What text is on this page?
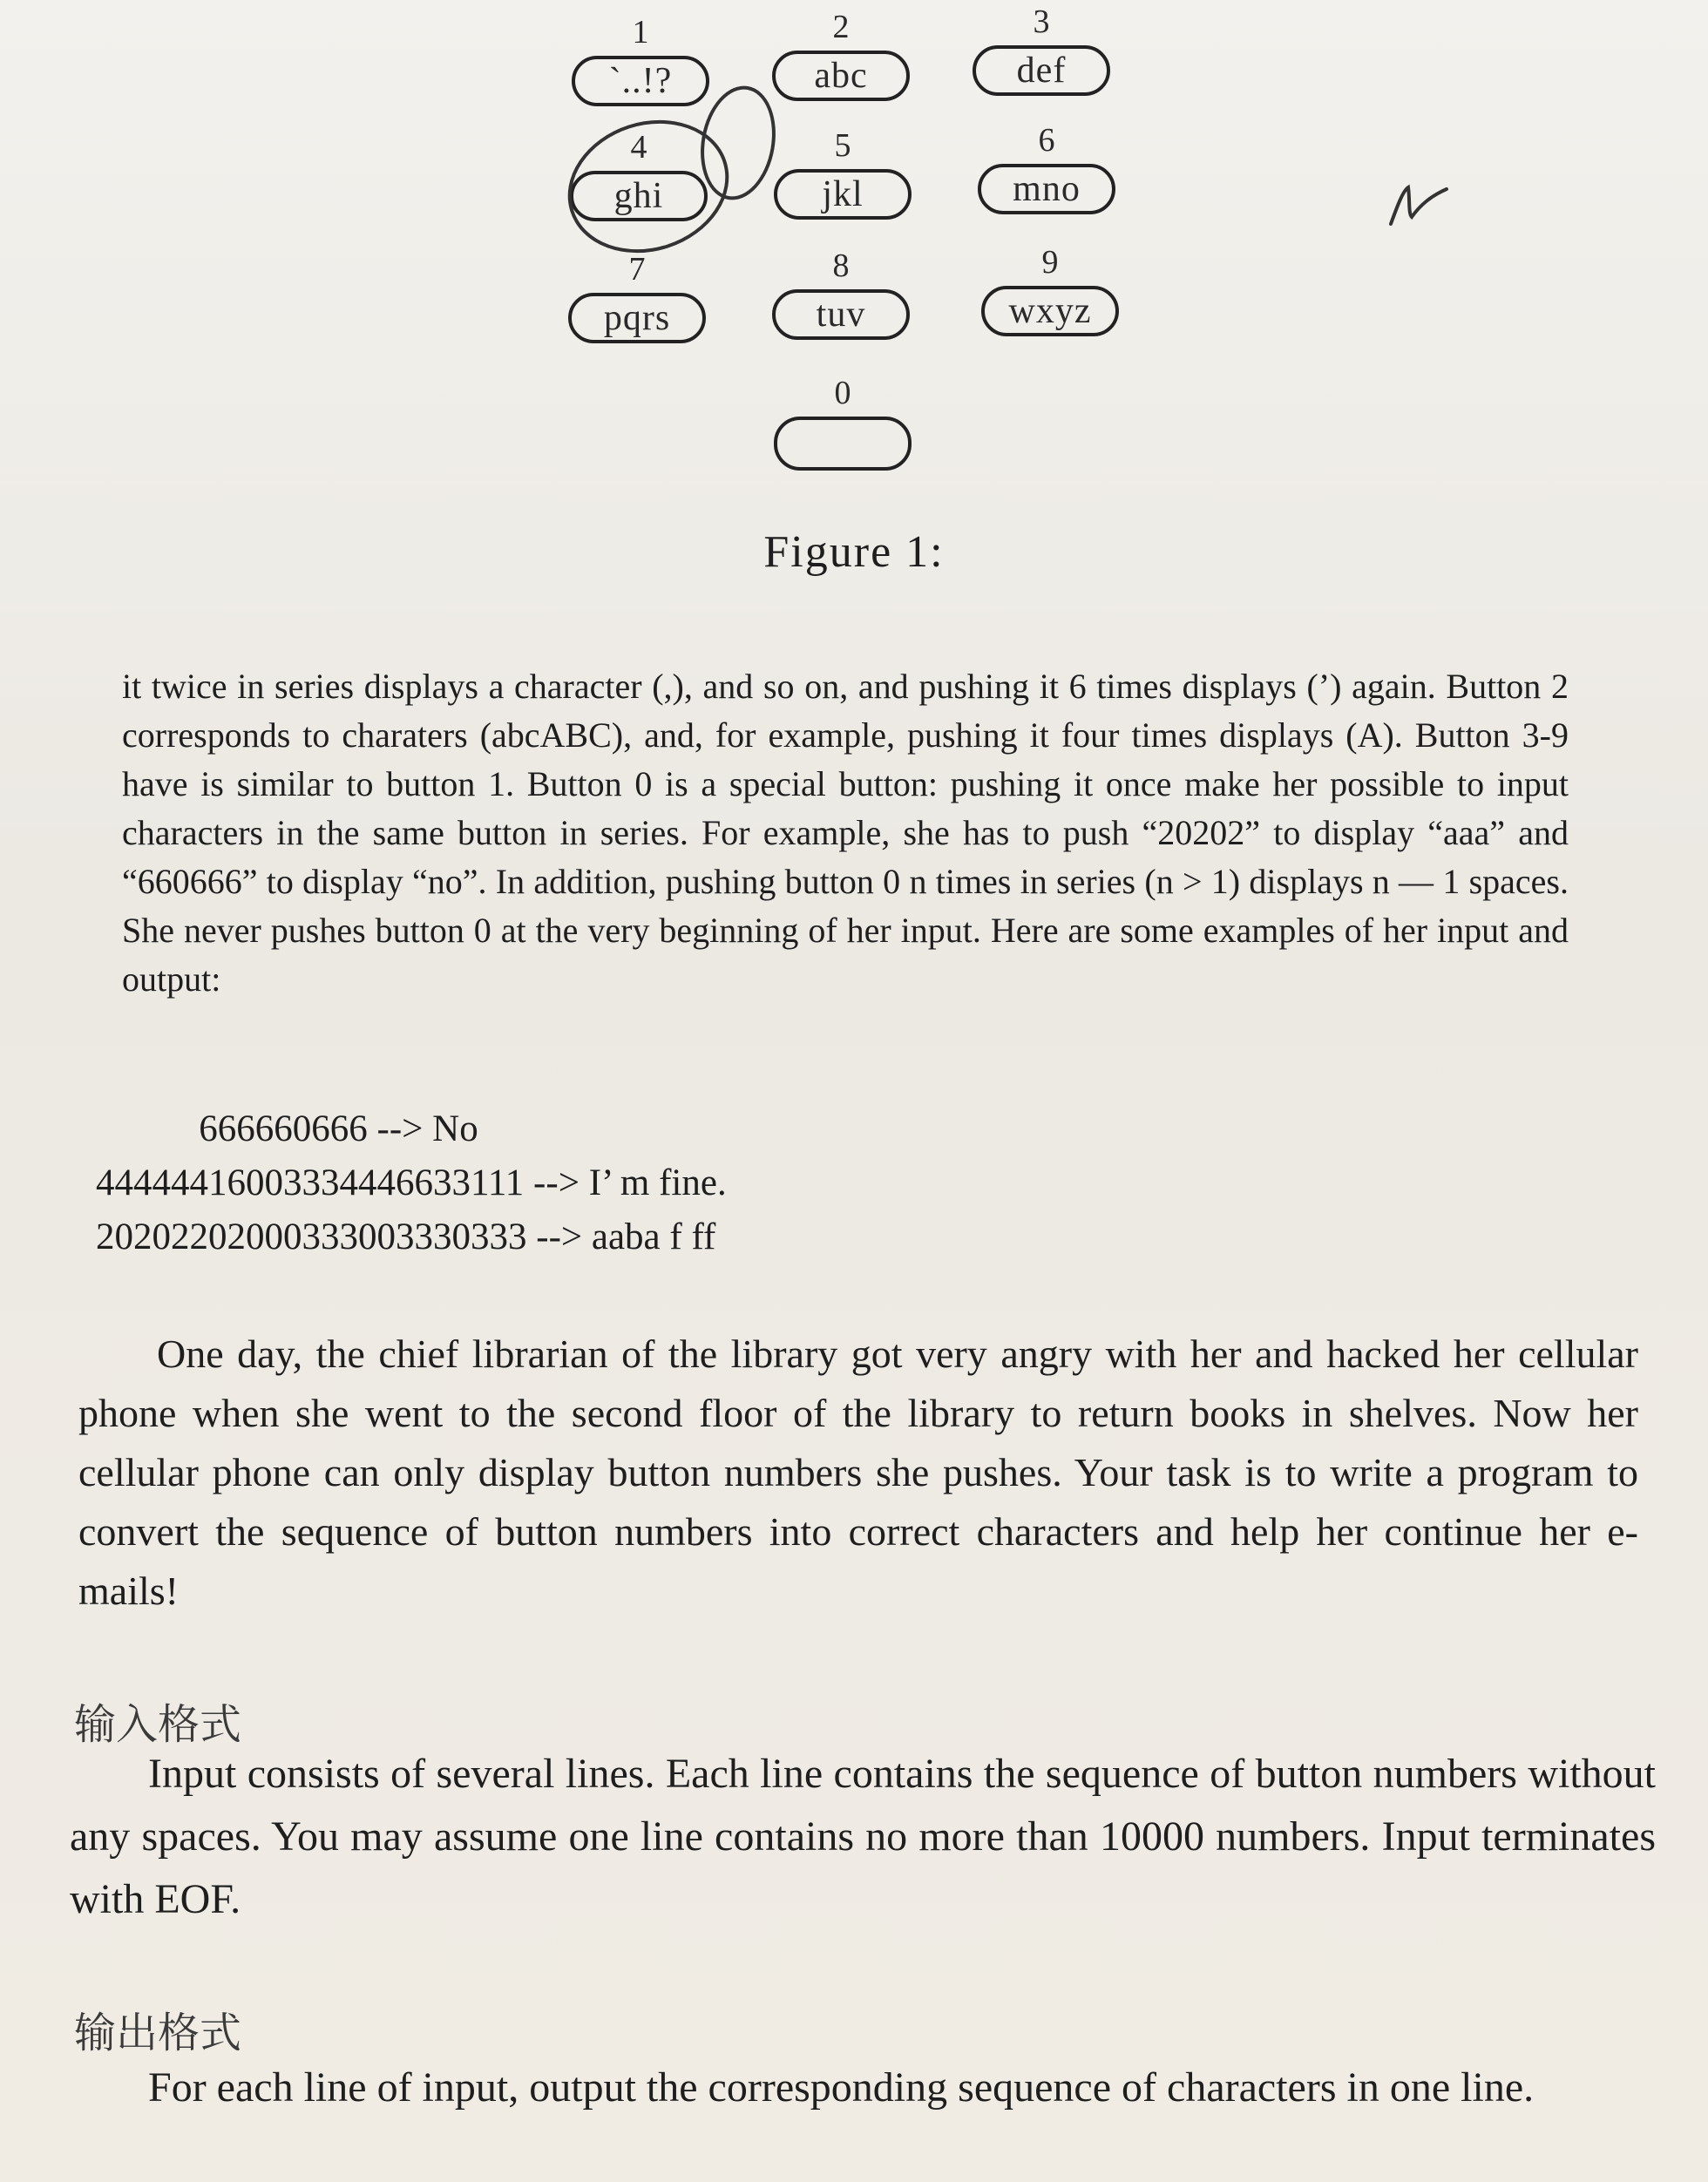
1
`..!?
2
abc
3
def
4
ghi
5
jkl
6
mno
7
pqrs
8
tuv
9
wxyz
0
Figure 1:
it twice in series displays a character (,), and so on, and pushing it 6 times displays (’) again. Button 2 corresponds to charaters (abcABC), and, for example, pushing it four times displays (A). Button 3-9 have is similar to button 1. Button 0 is a special button: pushing it once make her possible to input characters in the same button in series. For example, she has to push “20202” to display “aaa” and “660666” to display “no”. In addition, pushing button 0 n times in series (n > 1) displays n — 1 spaces. She never pushes button 0 at the very beginning of her input. Here are some examples of her input and output:
666660666 --> No
44444416003334446633111 --> I’ m fine.
20202202000333003330333 --> aaba f ff
One day, the chief librarian of the library got very angry with her and hacked her cellular phone when she went to the second floor of the library to return books in shelves. Now her cellular phone can only display button numbers she pushes. Your task is to write a program to convert the sequence of button numbers into correct characters and help her continue her e-mails!
输入格式
Input consists of several lines. Each line contains the sequence of button numbers without any spaces. You may assume one line contains no more than 10000 numbers. Input terminates with EOF.
输出格式
For each line of input, output the corresponding sequence of characters in one line.
